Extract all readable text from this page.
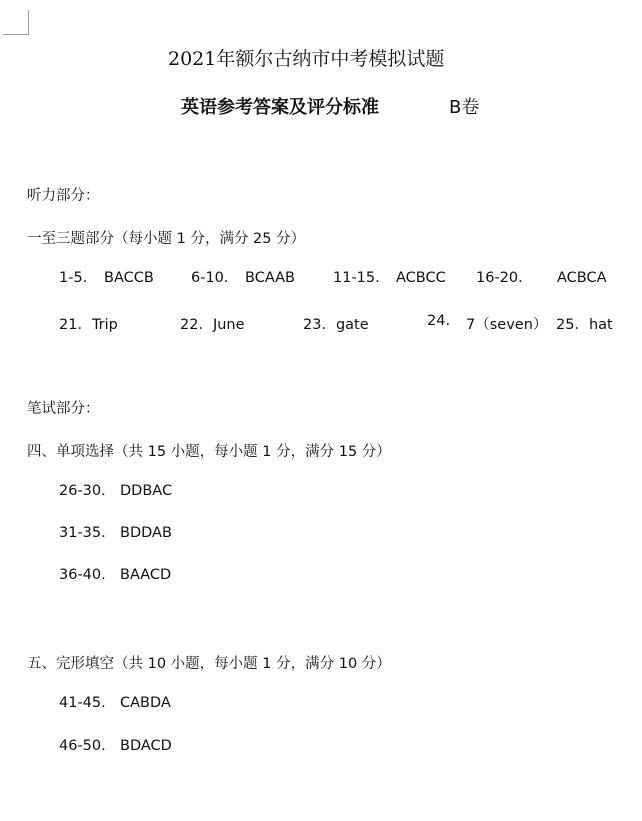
2021年额尔古纳市中考模拟试题
英语参考答案及评分标准	B卷
听力部分：
一至三题部分（每小题 1 分，满分 25 分）
1-5. BACCB	6-10. BCAAB	11-15. ACBCC 16-20. ACBCA
21．Trip	22．June	23．gate	24. 7（seven） 25．hat
笔试部分：
四、单项选择（共 15 小题，每小题 1 分，满分 15 分）
26-30. DDBAC
31-35. BDDAB
36-40. BAACD
五、完形填空（共 10 小题，每小题 1 分，满分 10 分）
41-45. CABDA
46-50. BDACD
